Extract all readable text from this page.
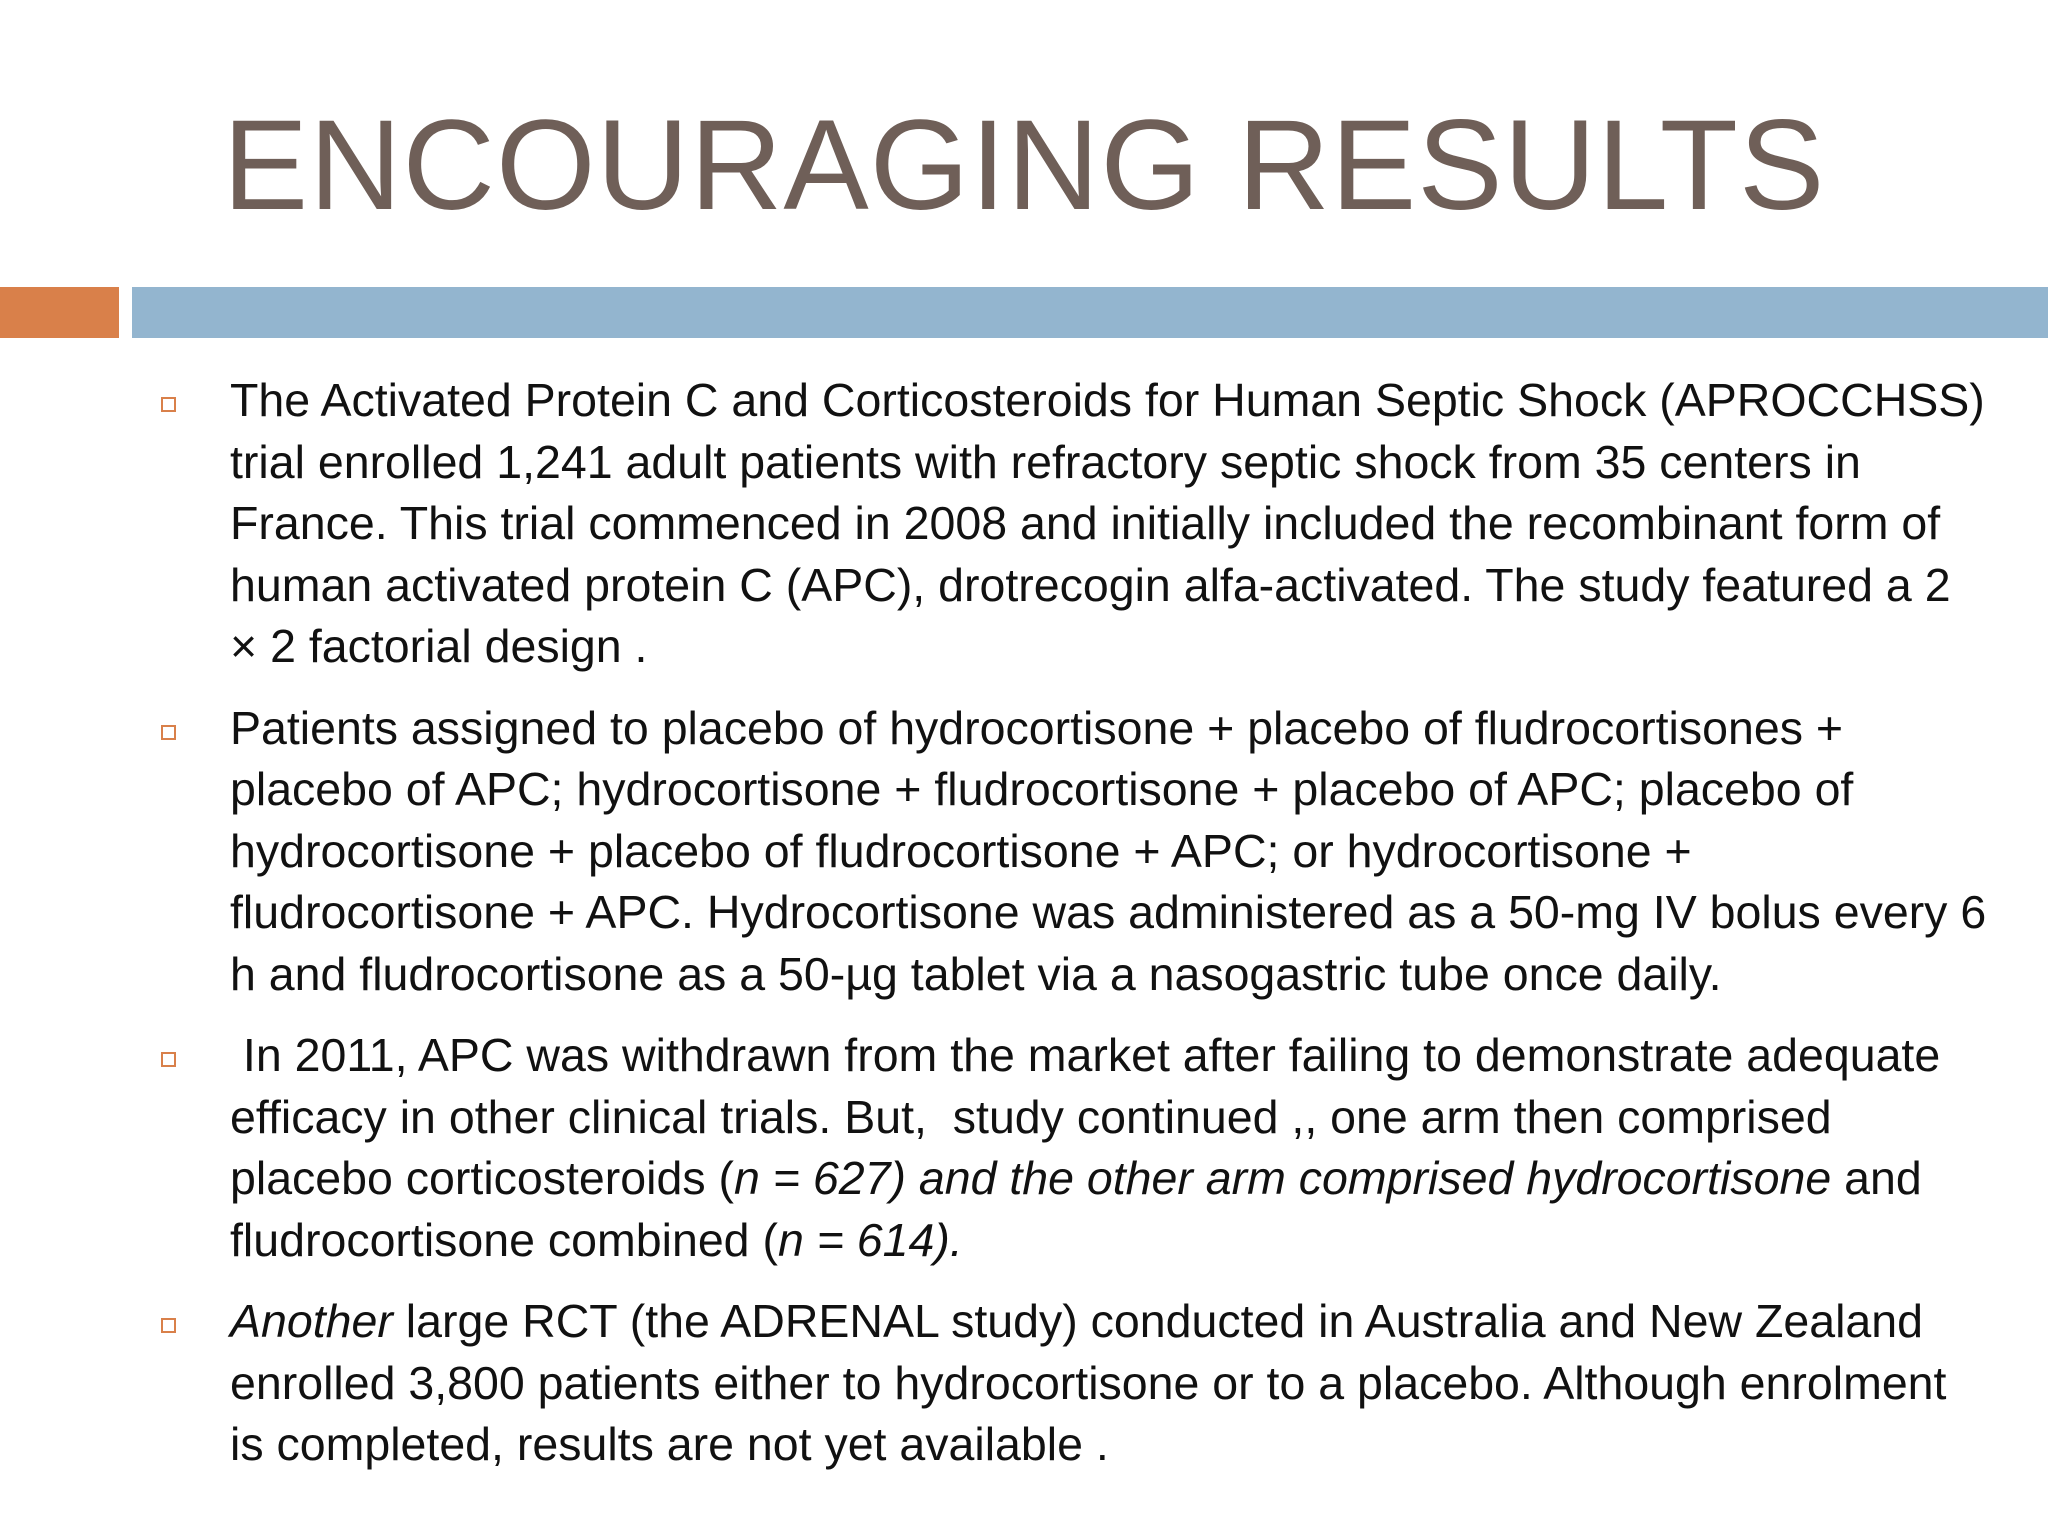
ENCOURAGING RESULTS
The Activated Protein C and Corticosteroids for Human Septic Shock (APROCCHSS) trial enrolled 1,241 adult patients with refractory septic shock from 35 centers in France. This trial commenced in 2008 and initially included the recombinant form of human activated protein C (APC), drotrecogin alfa-activated. The study featured a 2 × 2 factorial design .
Patients assigned to placebo of hydrocortisone + placebo of fludrocortisones + placebo of APC; hydrocortisone + fludrocortisone + placebo of APC; placebo of hydrocortisone + placebo of fludrocortisone + APC; or hydrocortisone + fludrocortisone + APC. Hydrocortisone was administered as a 50-mg IV bolus every 6 h and fludrocortisone as a 50-µg tablet via a nasogastric tube once daily.
In 2011, APC was withdrawn from the market after failing to demonstrate adequate efficacy in other clinical trials. But,  study continued ,, one arm then comprised placebo corticosteroids (n = 627) and the other arm comprised hydrocortisone and fludrocortisone combined (n = 614).
Another large RCT (the ADRENAL study) conducted in Australia and New Zealand enrolled 3,800 patients either to hydrocortisone or to a placebo. Although enrolment is completed, results are not yet available .
